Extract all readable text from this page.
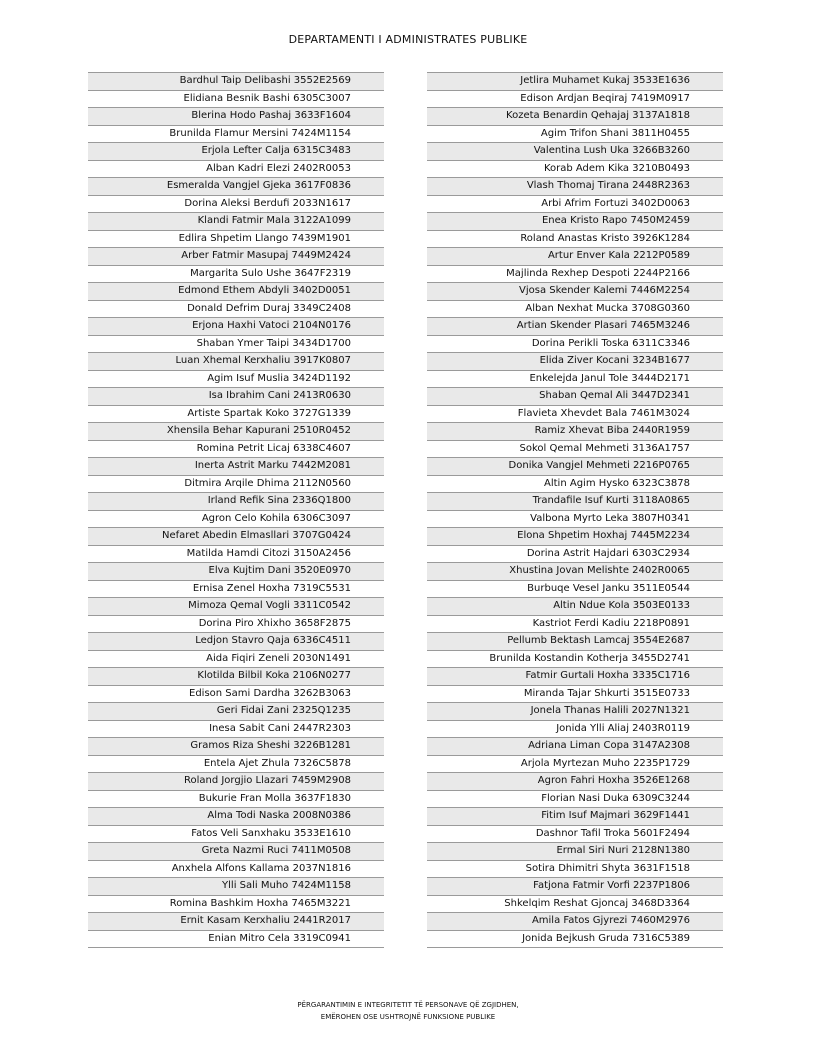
DEPARTAMENTI I ADMINISTRATES PUBLIKE
Bardhul Taip Delibashi 3552E2569
Elidiana Besnik Bashi 6305C3007
Blerina Hodo Pashaj 3633F1604
Brunilda Flamur Mersini 7424M1154
Erjola Lefter Calja 6315C3483
Alban Kadri Elezi 2402R0053
Esmeralda Vangjel Gjeka 3617F0836
Dorina Aleksi Berdufi 2033N1617
Klandi Fatmir Mala 3122A1099
Edlira Shpetim Llango 7439M1901
Arber Fatmir Masupaj 7449M2424
Margarita Sulo Ushe 3647F2319
Edmond Ethem Abdyli 3402D0051
Donald Defrim Duraj 3349C2408
Erjona Haxhi Vatoci 2104N0176
Shaban Ymer Taipi 3434D1700
Luan Xhemal Kerxhaliu 3917K0807
Agim Isuf Muslia 3424D1192
Isa Ibrahim Cani 2413R0630
Artiste Spartak Koko 3727G1339
Xhensila Behar Kapurani 2510R0452
Romina Petrit Licaj 6338C4607
Inerta Astrit Marku 7442M2081
Ditmira Arqile Dhima 2112N0560
Irland Refik Sina 2336Q1800
Agron Celo Kohila 6306C3097
Nefaret Abedin Elmasllari 3707G0424
Matilda Hamdi Citozi 3150A2456
Elva Kujtim Dani 3520E0970
Ernisa Zenel Hoxha 7319C5531
Mimoza Qemal Vogli 3311C0542
Dorina Piro Xhixho 3658F2875
Ledjon Stavro Qaja 6336C4511
Aida Fiqiri Zeneli 2030N1491
Klotilda Bilbil Koka 2106N0277
Edison Sami Dardha 3262B3063
Geri Fidai Zani 2325Q1235
Inesa Sabit Cani 2447R2303
Gramos Riza Sheshi 3226B1281
Entela Ajet Zhula 7326C5878
Roland Jorgjio Llazari 7459M2908
Bukurie Fran Molla 3637F1830
Alma Todi Naska 2008N0386
Fatos Veli Sanxhaku 3533E1610
Greta Nazmi Ruci 7411M0508
Anxhela Alfons Kallama 2037N1816
Ylli Sali Muho 7424M1158
Romina Bashkim Hoxha 7465M3221
Ernit Kasam Kerxhaliu 2441R2017
Enian Mitro Cela 3319C0941
Jetlira Muhamet Kukaj 3533E1636
Edison Ardjan Beqiraj 7419M0917
Kozeta Benardin Qehajaj 3137A1818
Agim Trifon Shani 3811H0455
Valentina Lush Uka 3266B3260
Korab Adem Kika 3210B0493
Vlash Thomaj Tirana 2448R2363
Arbi Afrim Fortuzi 3402D0063
Enea Kristo Rapo 7450M2459
Roland Anastas Kristo 3926K1284
Artur Enver Kala 2212P0589
Majlinda Rexhep Despoti 2244P2166
Vjosa Skender Kalemi 7446M2254
Alban Nexhat Mucka 3708G0360
Artian Skender Plasari 7465M3246
Dorina Perikli Toska 6311C3346
Elida Ziver Kocani 3234B1677
Enkelejda Janul Tole 3444D2171
Shaban Qemal Ali 3447D2341
Flavieta Xhevdet Bala 7461M3024
Ramiz Xhevat Biba 2440R1959
Sokol Qemal Mehmeti 3136A1757
Donika Vangjel Mehmeti 2216P0765
Altin Agim Hysko 6323C3878
Trandafile Isuf Kurti 3118A0865
Valbona Myrto Leka 3807H0341
Elona Shpetim Hoxhaj 7445M2234
Dorina Astrit Hajdari 6303C2934
Xhustina Jovan Melishte 2402R0065
Burbuqe Vesel Janku 3511E0544
Altin Ndue Kola 3503E0133
Kastriot Ferdi Kadiu 2218P0891
Pellumb Bektash Lamcaj 3554E2687
Brunilda Kostandin Kotherja 3455D2741
Fatmir Gurtali Hoxha 3335C1716
Miranda Tajar Shkurti 3515E0733
Jonela Thanas Halili 2027N1321
Jonida Ylli Aliaj 2403R0119
Adriana Liman Copa 3147A2308
Arjola Myrtezan Muho 2235P1729
Agron Fahri Hoxha 3526E1268
Florian Nasi Duka 6309C3244
Fitim Isuf Majmari 3629F1441
Dashnor Tafil Troka 5601F2494
Ermal Siri Nuri 2128N1380
Sotira Dhimitri Shyta 3631F1518
Fatjona Fatmir Vorfi 2237P1806
Shkelqim Reshat Gjoncaj 3468D3364
Amila Fatos Gjyrezi 7460M2976
Jonida Bejkush Gruda 7316C5389
PËRGARANTIMIN E INTEGRITETIT TË PERSONAVE QË ZGJIDHEN,
EMËROHEN OSE USHTROJNË FUNKSIONE PUBLIKE
